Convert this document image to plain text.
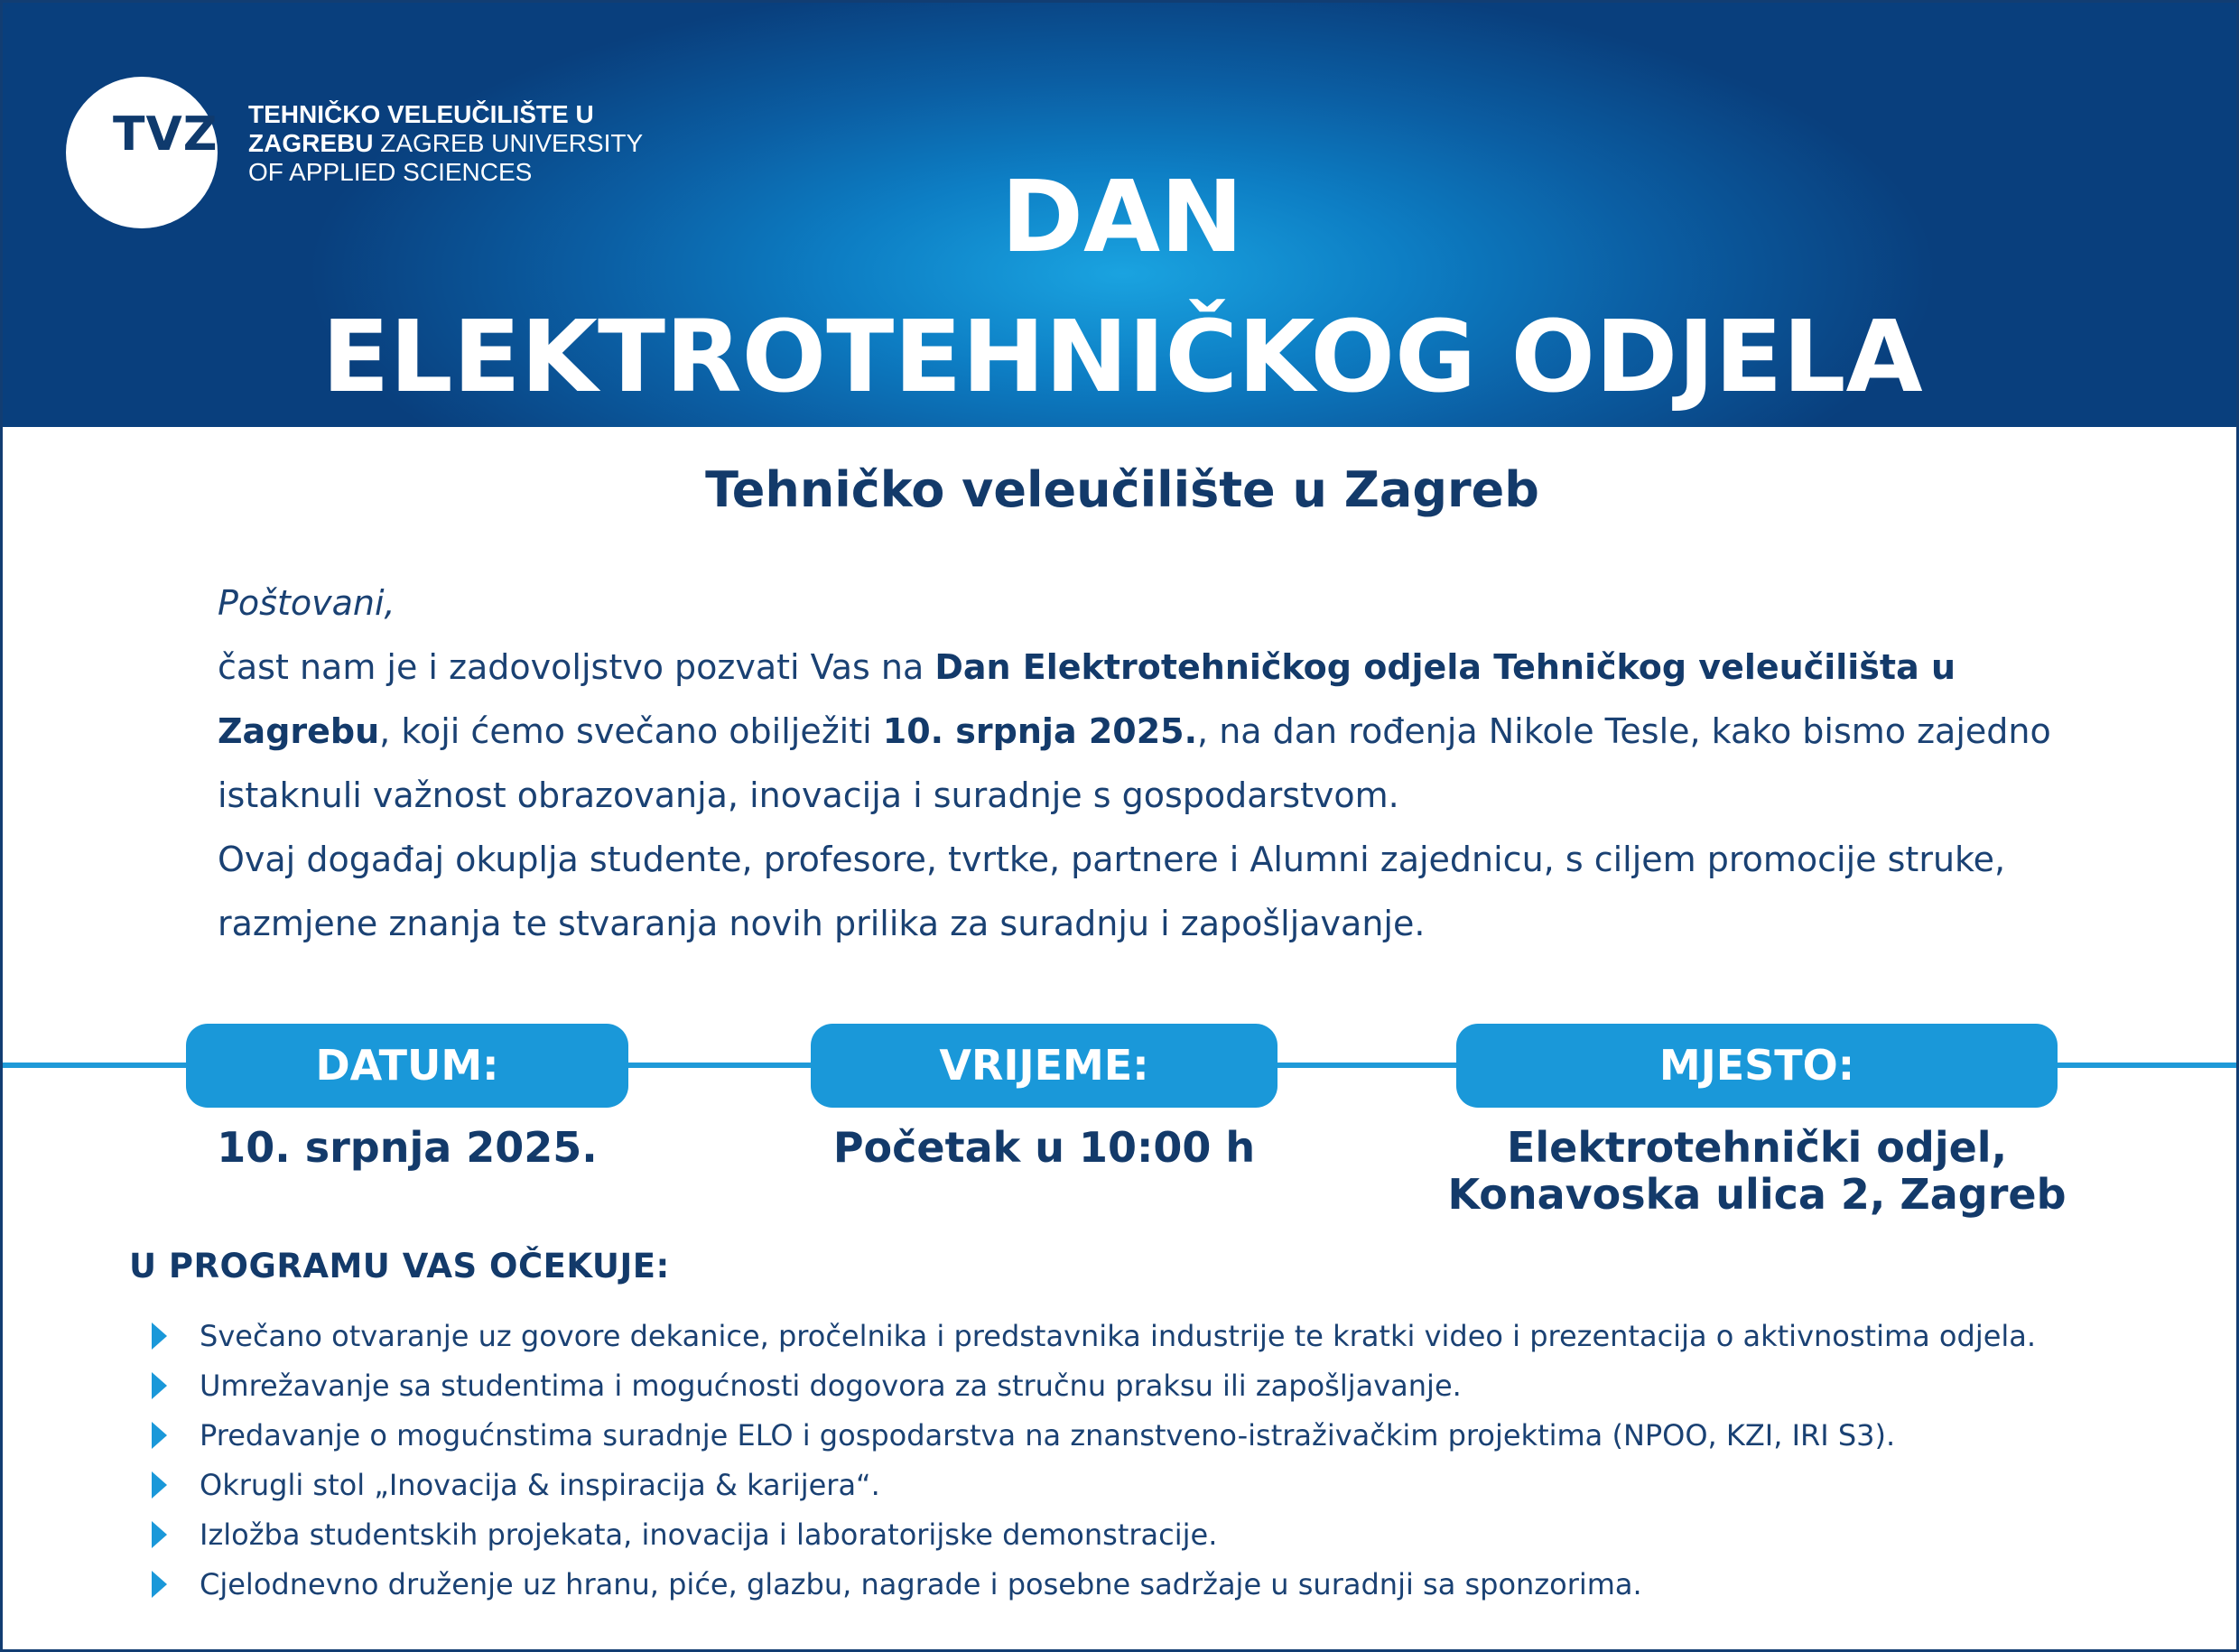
TVZ TEHNIČKO VELEUČILIŠTE U
ZAGREBU ZAGREB UNIVERSITY
OF APPLIED SCIENCES	DAN
ELEKTROTEHNIČKOG ODJELA
Tehničko veleučilište u Zagreb
Poštovani,
čast nam je i zadovoljstvo pozvati Vas na Dan Elektrotehničkog odjela Tehničkog veleučilišta u Zagrebu, koji ćemo svečano obilježiti 10. srpnja 2025., na dan rođenja Nikole Tesle, kako bismo zajedno istaknuli važnost obrazovanja, inovacija i suradnje s gospodarstvom.
Ovaj događaj okuplja studente, profesore, tvrtke, partnere i Alumni zajednicu, s ciljem promocije struke, razmjene znanja te stvaranja novih prilika za suradnju i zapošljavanje.
DATUM:	VRIJEME:	MJESTO:
10. srpnja 2025.	Početak u 10:00 h	Elektrotehnički odjel,
Konavoska ulica 2, Zagreb
U PROGRAMU VAS OČEKUJE:
Svečano otvaranje uz govore dekanice, pročelnika i predstavnika industrije te kratki video i prezentacija o aktivnostima odjela.
Umrežavanje sa studentima i mogućnosti dogovora za stručnu praksu ili zapošljavanje.
Predavanje o mogućnstima suradnje ELO i gospodarstva na znanstveno-istraživačkim projektima (NPOO, KZI, IRI S3).
Okrugli stol „Inovacija & inspiracija & karijera“.
Izložba studentskih projekata, inovacija i laboratorijske demonstracije.
Cjelodnevno druženje uz hranu, piće, glazbu, nagrade i posebne sadržaje u suradnji sa sponzorima.
